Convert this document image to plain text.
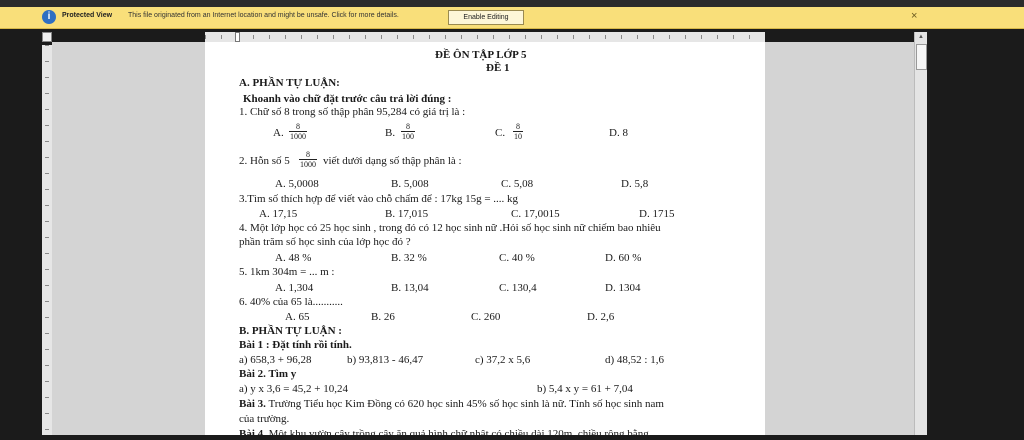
i	Protected View This file originated from an Internet location and might be unsafe. Click for more details.	Enable Editing	×
▲
ĐỀ ÔN TẬP LỚP 5
ĐỀ 1
A. PHẦN TỰ LUẬN:
Khoanh vào chữ đặt trước câu trả lời đúng :
1. Chữ số 8 trong số thập phân 95,284 có giá trị là :
A. $\frac{8}{1000}$	B. $\frac{8}{100}$	C. $\frac{8}{10}$	D. 8
2. Hỗn số $5 \frac{8}{1000}$ viết dưới dạng số thập phân là :
A. 5,0008	B. 5,008	C. 5,08	D. 5,8
3.Tìm số thích hợp để viết vào chỗ chấm để : 17kg 15g = .... kg
A. 17,15	B. 17,015	C. 17,0015	D. 1715
4. Một lớp học có 25 học sinh , trong đó có 12 học sinh nữ .Hỏi số học sinh nữ chiếm bao nhiêu
phần trăm số học sinh của lớp học đó ?
A. 48 %	B. 32 %	C. 40 %	D. 60 %
5. 1km 304m = ... m :
A. 1,304	B. 13,04	C. 130,4	D. 1304
6. 40% của 65 là...........
A. 65	B. 26	C. 260	D. 2,6
B. PHẦN TỰ LUẬN :
Bài 1 : Đặt tính rồi tính.
a) 658,3 + 96,28	b) 93,813 - 46,47	c) 37,2 x 5,6	d) 48,52 : 1,6
Bài 2. Tìm y
a) y x 3,6 = 45,2 + 10,24	b) 5,4 x y = 61 + 7,04
Bài 3. Trường Tiểu học Kim Đồng có 620 học sinh 45% số học sinh là nữ. Tính số học sinh nam
của trường.
Bài 4. Một khu vườn cây trồng cây ăn quả hình chữ nhật có chiều dài 120m, chiều rộng bằng
